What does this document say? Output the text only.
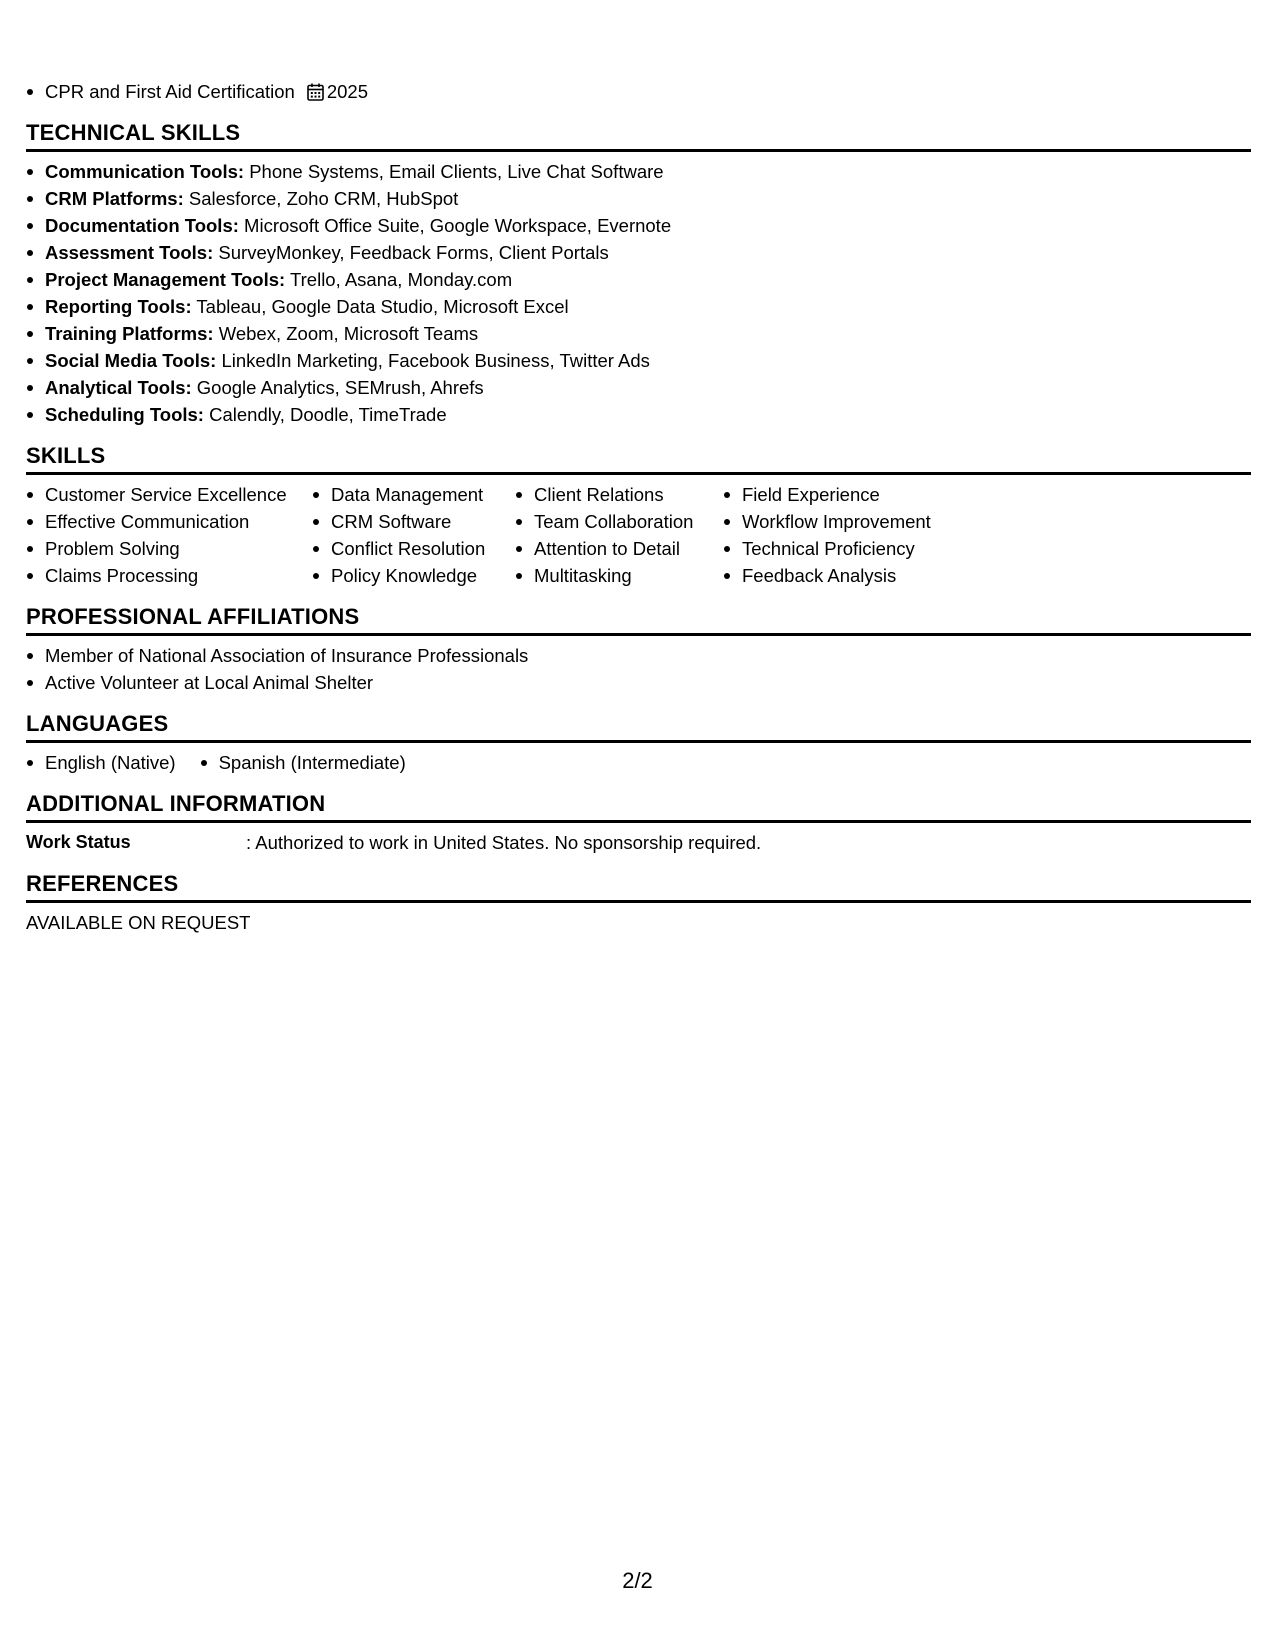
CPR and First Aid Certification 2025
TECHNICAL SKILLS
Communication Tools: Phone Systems, Email Clients, Live Chat Software
CRM Platforms: Salesforce, Zoho CRM, HubSpot
Documentation Tools: Microsoft Office Suite, Google Workspace, Evernote
Assessment Tools: SurveyMonkey, Feedback Forms, Client Portals
Project Management Tools: Trello, Asana, Monday.com
Reporting Tools: Tableau, Google Data Studio, Microsoft Excel
Training Platforms: Webex, Zoom, Microsoft Teams
Social Media Tools: LinkedIn Marketing, Facebook Business, Twitter Ads
Analytical Tools: Google Analytics, SEMrush, Ahrefs
Scheduling Tools: Calendly, Doodle, TimeTrade
SKILLS
Customer Service Excellence
Effective Communication
Problem Solving
Claims Processing
Data Management
CRM Software
Conflict Resolution
Policy Knowledge
Client Relations
Team Collaboration
Attention to Detail
Multitasking
Field Experience
Workflow Improvement
Technical Proficiency
Feedback Analysis
PROFESSIONAL AFFILIATIONS
Member of National Association of Insurance Professionals
Active Volunteer at Local Animal Shelter
LANGUAGES
English (Native)	Spanish (Intermediate)
ADDITIONAL INFORMATION
Work Status	: Authorized to work in United States. No sponsorship required.
REFERENCES
AVAILABLE ON REQUEST
2/2
